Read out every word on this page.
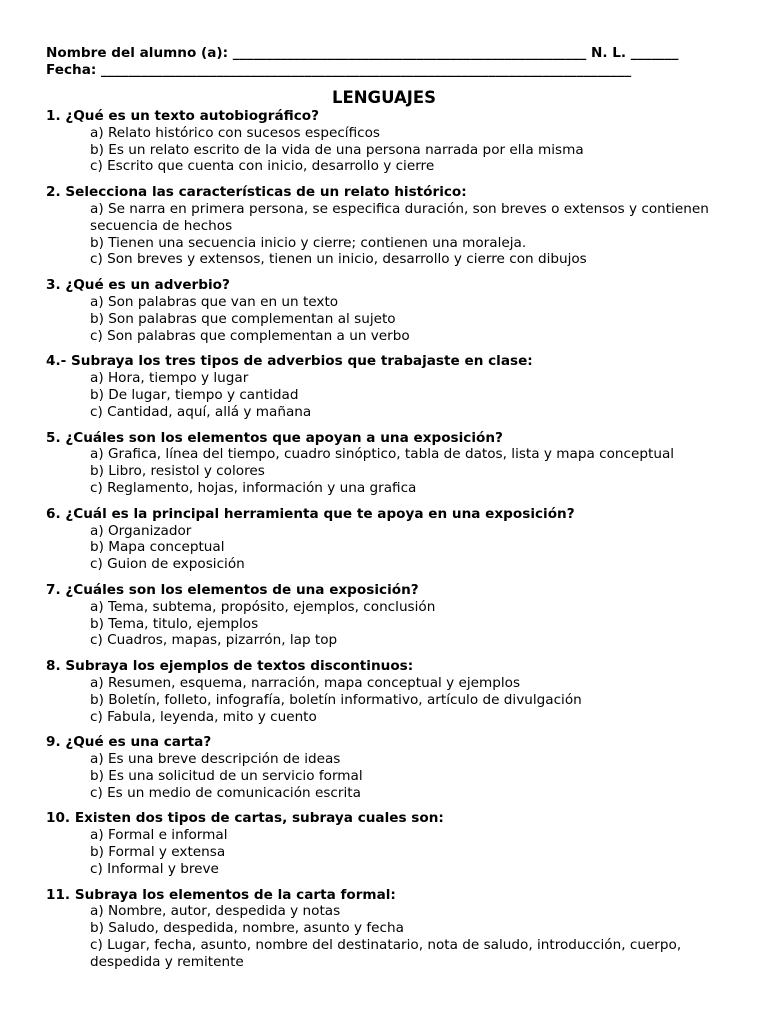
Nombre del alumno (a): ____________________________________________________ N. L. _______
Fecha: ______________________________________________________________________________
LENGUAJES
1. ¿Qué es un texto autobiográfico?
a) Relato histórico con sucesos específicos
b) Es un relato escrito de la vida de una persona narrada por ella misma
c) Escrito que cuenta con inicio, desarrollo y cierre
2. Selecciona las características de un relato histórico:
a) Se narra en primera persona, se especifica duración, son breves o extensos y contienen secuencia de hechos
b) Tienen una secuencia inicio y cierre; contienen una moraleja.
c) Son breves y extensos, tienen un inicio, desarrollo y cierre con dibujos
3. ¿Qué es un adverbio?
a) Son palabras que van en un texto
b) Son palabras que complementan al sujeto
c) Son palabras que complementan a un verbo
4.- Subraya los tres tipos de adverbios que trabajaste en clase:
a) Hora, tiempo y lugar
b) De lugar, tiempo y cantidad
c) Cantidad, aquí, allá y mañana
5. ¿Cuáles son los elementos que apoyan a una exposición?
a) Grafica, línea del tiempo, cuadro sinóptico, tabla de datos, lista y mapa conceptual
b) Libro, resistol y colores
c) Reglamento, hojas, información y una grafica
6. ¿Cuál es la principal herramienta que te apoya en una exposición?
a) Organizador
b) Mapa conceptual
c) Guion de exposición
7. ¿Cuáles son los elementos de una exposición?
a) Tema, subtema, propósito, ejemplos, conclusión
b) Tema, titulo, ejemplos
c) Cuadros, mapas, pizarrón, lap top
8. Subraya los ejemplos de textos discontinuos:
a) Resumen, esquema, narración, mapa conceptual y ejemplos
b) Boletín, folleto, infografía, boletín informativo, artículo de divulgación
c) Fabula, leyenda, mito y cuento
9. ¿Qué es una carta?
a) Es una breve descripción de ideas
b) Es una solicitud de un servicio formal
c) Es un medio de comunicación escrita
10. Existen dos tipos de cartas, subraya cuales son:
a) Formal e informal
b) Formal y extensa
c) Informal y breve
11. Subraya los elementos de la carta formal:
a) Nombre, autor, despedida y notas
b) Saludo, despedida, nombre, asunto y fecha
c) Lugar, fecha, asunto, nombre del destinatario, nota de saludo, introducción, cuerpo, despedida y remitente
